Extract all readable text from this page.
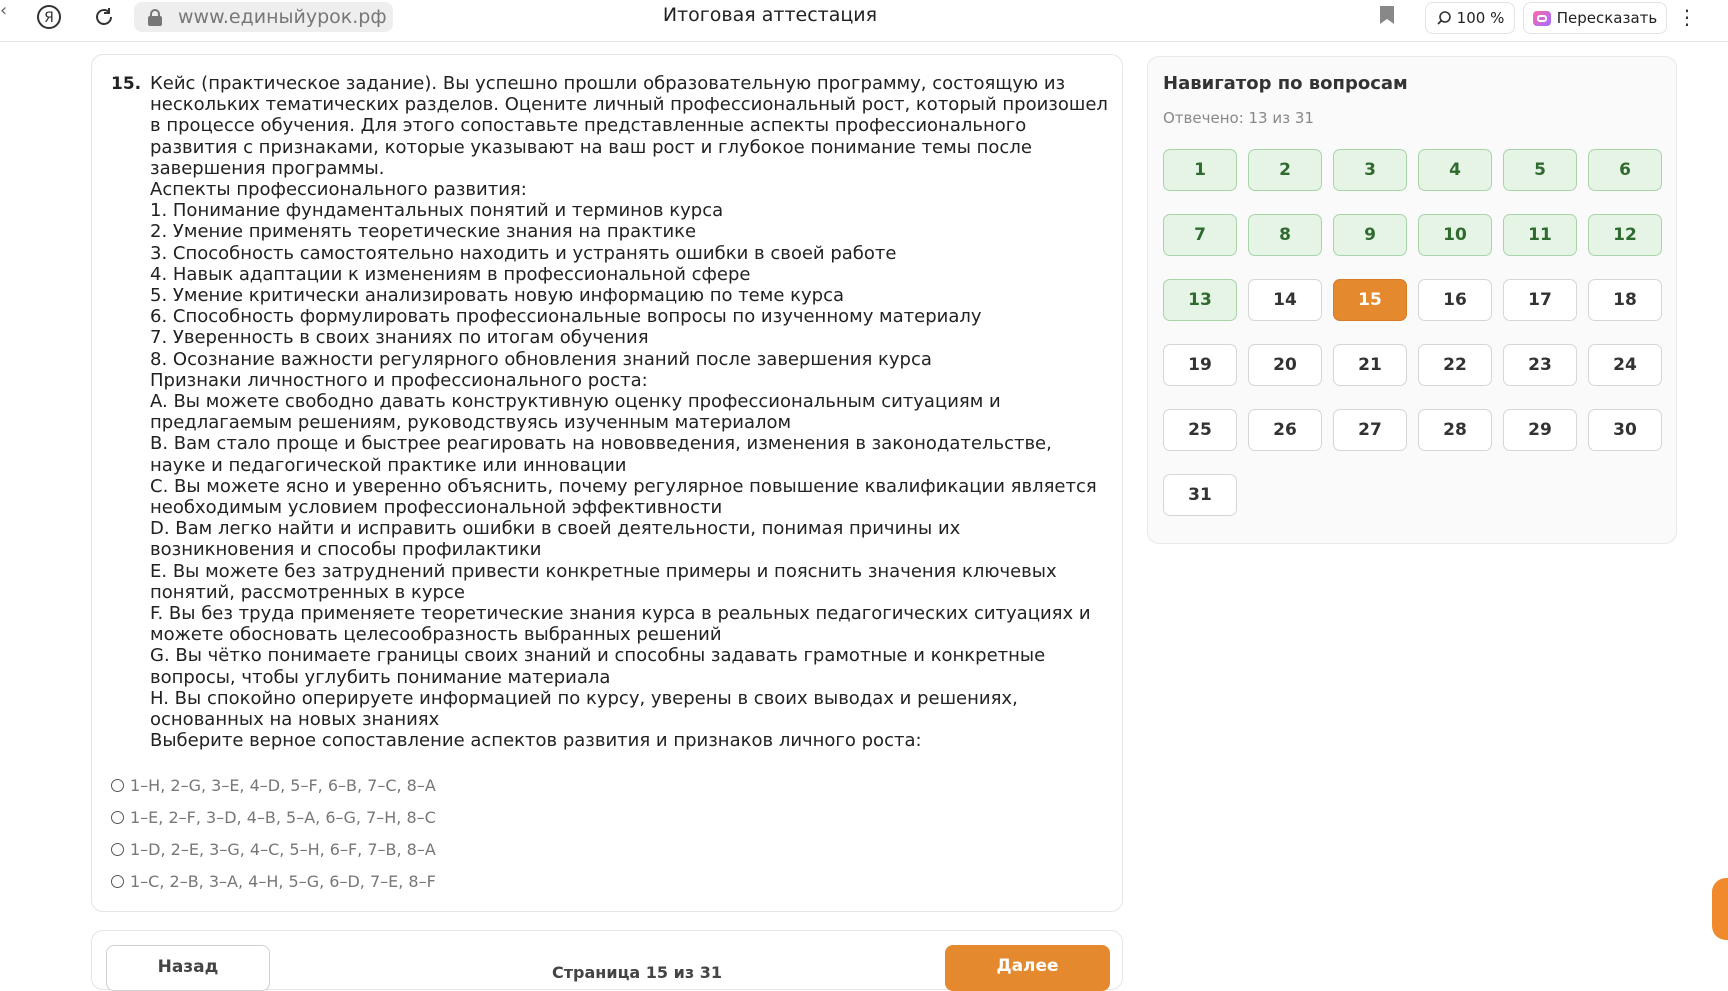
‹	Я	www.единыйурок.рф	Итоговая аттестация	100 %	Пересказать ⋮
15. Кейс (практическое задание). Вы успешно прошли образовательную программу, состоящую из нескольких тематических разделов. Оцените личный профессиональный рост, который произошел в процессе обучения. Для этого сопоставьте представленные аспекты профессионального развития с признаками, которые указывают на ваш рост и глубокое понимание темы после завершения программы.
Аспекты профессионального развития:
1. Понимание фундаментальных понятий и терминов курса
2. Умение применять теоретические знания на практике
3. Способность самостоятельно находить и устранять ошибки в своей работе
4. Навык адаптации к изменениям в профессиональной сфере
5. Умение критически анализировать новую информацию по теме курса
6. Способность формулировать профессиональные вопросы по изученному материалу
7. Уверенность в своих знаниях по итогам обучения
8. Осознание важности регулярного обновления знаний после завершения курса
Признаки личностного и профессионального роста:
A. Вы можете свободно давать конструктивную оценку профессиональным ситуациям и предлагаемым решениям, руководствуясь изученным материалом
B. Вам стало проще и быстрее реагировать на нововведения, изменения в законодательстве, науке и педагогической практике или инновации
C. Вы можете ясно и уверенно объяснить, почему регулярное повышение квалификации является необходимым условием профессиональной эффективности
D. Вам легко найти и исправить ошибки в своей деятельности, понимая причины их возникновения и способы профилактики
E. Вы можете без затруднений привести конкретные примеры и пояснить значения ключевых понятий, рассмотренных в курсе
F. Вы без труда применяете теоретические знания курса в реальных педагогических ситуациях и можете обосновать целесообразность выбранных решений
G. Вы чётко понимаете границы своих знаний и способны задавать грамотные и конкретные вопросы, чтобы углубить понимание материала
H. Вы спокойно оперируете информацией по курсу, уверены в своих выводах и решениях, основанных на новых знаниях
Выберите верное сопоставление аспектов развития и признаков личного роста:
1–H, 2–G, 3–E, 4–D, 5–F, 6–B, 7–C, 8–A
1–E, 2–F, 3–D, 4–B, 5–A, 6–G, 7–H, 8–C
1–D, 2–E, 3–G, 4–C, 5–H, 6–F, 7–B, 8–A
1–C, 2–B, 3–A, 4–H, 5–G, 6–D, 7–E, 8–F
Навигатор по вопросам
Отвечено: 13 из 31
1	2	3	4	5	6
7	8	9	10	11	12
13	14	15	16	17	18
19	20	21	22	23	24
25	26	27	28	29	30
31
Назад	Страница 15 из 31	Далее
